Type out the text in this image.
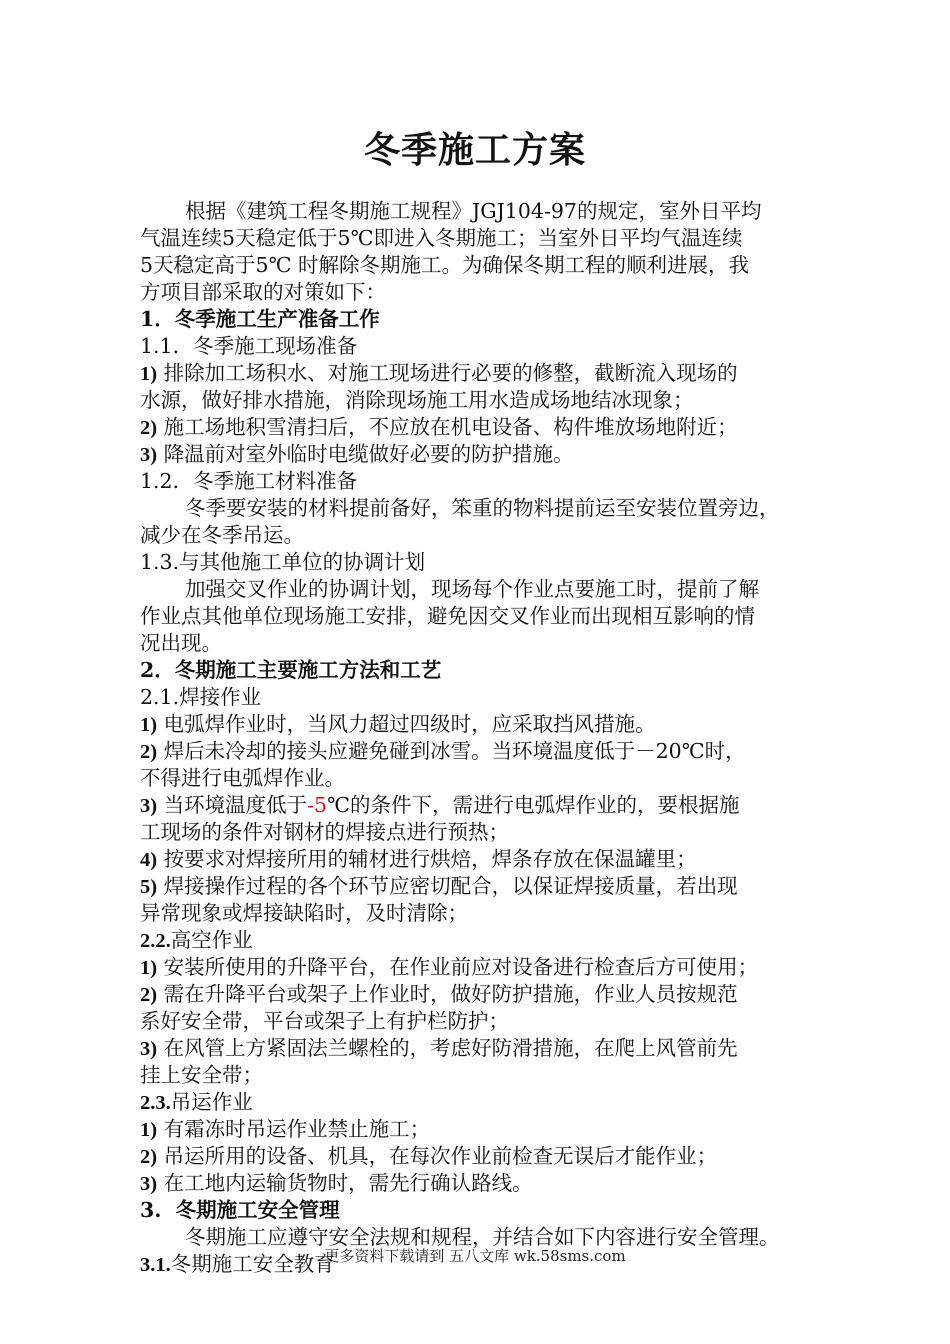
冬季施工方案
根据《建筑工程冬期施工规程》JGJ104-97的规定，室外日平均
气温连续5天稳定低于5℃即进入冬期施工；当室外日平均气温连续
5天稳定高于5℃ 时解除冬期施工。为确保冬期工程的顺利进展，我
方项目部采取的对策如下：
1．冬季施工生产准备工作
1.1．冬季施工现场准备
1) 排除加工场积水、对施工现场进行必要的修整，截断流入现场的
水源，做好排水措施，消除现场施工用水造成场地结冰现象；
2) 施工场地积雪清扫后，不应放在机电设备、构件堆放场地附近；
3) 降温前对室外临时电缆做好必要的防护措施。
1.2．冬季施工材料准备
冬季要安装的材料提前备好，笨重的物料提前运至安装位置旁边，
减少在冬季吊运。
1.3.与其他施工单位的协调计划
加强交叉作业的协调计划，现场每个作业点要施工时，提前了解
作业点其他单位现场施工安排，避免因交叉作业而出现相互影响的情
况出现。
2．冬期施工主要施工方法和工艺
2.1.焊接作业
1) 电弧焊作业时，当风力超过四级时，应采取挡风措施。
2) 焊后未冷却的接头应避免碰到冰雪。当环境温度低于－20℃时，
不得进行电弧焊作业。
3) 当环境温度低于-5℃的条件下，需进行电弧焊作业的，要根据施
工现场的条件对钢材的焊接点进行预热；
4) 按要求对焊接所用的辅材进行烘焙，焊条存放在保温罐里；
5) 焊接操作过程的各个环节应密切配合，以保证焊接质量，若出现
异常现象或焊接缺陷时，及时清除；
2.2.高空作业
1) 安装所使用的升降平台，在作业前应对设备进行检查后方可使用；
2) 需在升降平台或架子上作业时，做好防护措施，作业人员按规范
系好安全带，平台或架子上有护栏防护；
3) 在风管上方紧固法兰螺栓的，考虑好防滑措施，在爬上风管前先
挂上安全带；
2.3.吊运作业
1) 有霜冻时吊运作业禁止施工；
2) 吊运所用的设备、机具，在每次作业前检查无误后才能作业；
3) 在工地内运输货物时，需先行确认路线。
3.  冬期施工安全管理
冬期施工应遵守安全法规和规程，并结合如下内容进行安全管理。
3.1.冬期施工安全教育
更多资料下载请到 五八文库 wk.58sms.com
